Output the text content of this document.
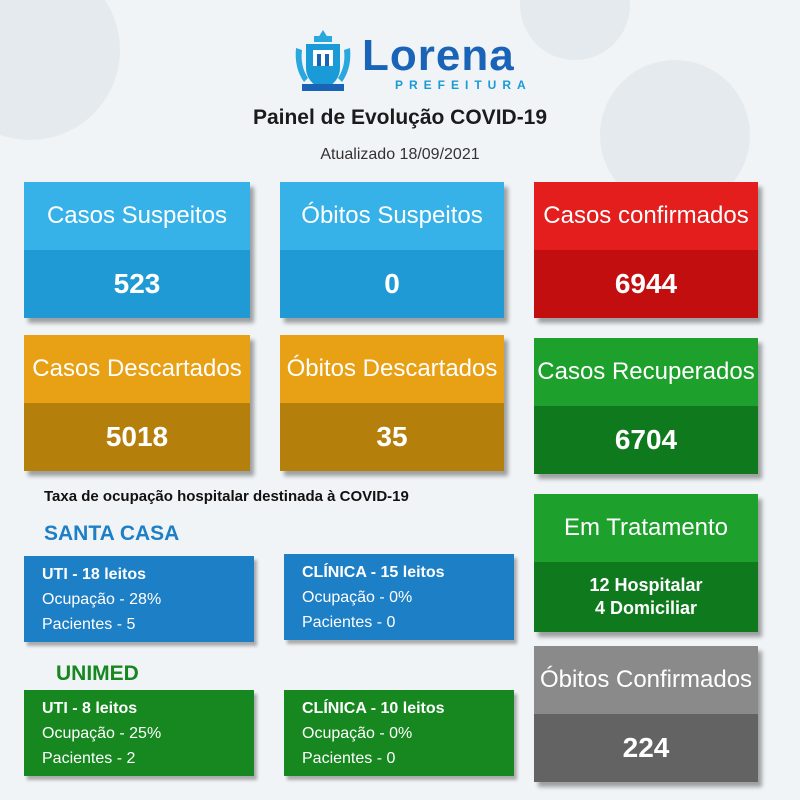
Lorena
PREFEITURA
Painel de Evolução COVID-19
Atualizado 18/09/2021
Casos Suspeitos
523
Óbitos Suspeitos
0
Casos confirmados
6944
Casos Descartados
5018
Óbitos Descartados
35
Casos Recuperados
6704
Taxa de ocupação hospitalar destinada à COVID-19
SANTA CASA
UTI - 18 leitos
Ocupação - 28%
Pacientes - 5
CLÍNICA - 15 leitos
Ocupação - 0%
Pacientes - 0
UNIMED
UTI - 8 leitos
Ocupação - 25%
Pacientes - 2
CLÍNICA - 10 leitos
Ocupação - 0%
Pacientes - 0
Em Tratamento
12 Hospitalar
4 Domiciliar
Óbitos Confirmados
224
